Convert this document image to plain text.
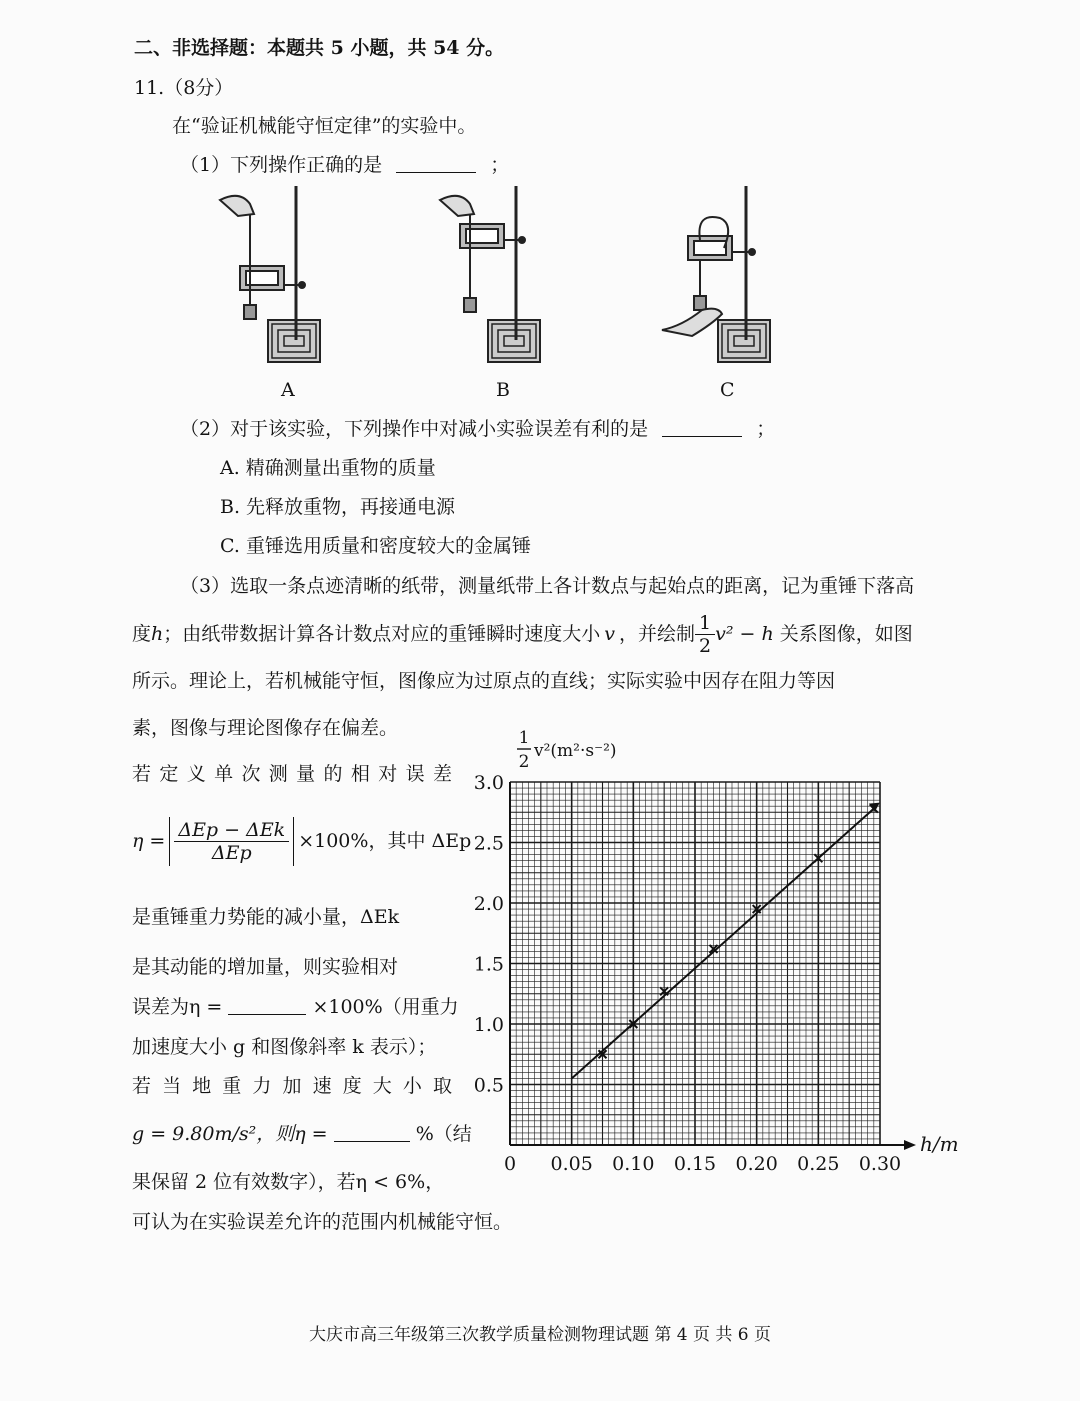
二、非选择题：本题共 5 小题，共 54 分。
11.（8分）
在“验证机械能守恒定律”的实验中。
（1）下列操作正确的是	；
A	B	C
（2）对于该实验，下列操作中对减小实验误差有利的是	；
A. 精确测量出重物的质量
B. 先释放重物，再接通电源
C. 重锤选用质量和密度较大的金属锤
（3）选取一条点迹清晰的纸带，测量纸带上各计数点与起始点的距离，记为重锤下落高
度 h ；由纸带数据计算各计数点对应的重锤瞬时速度大小 v ，并绘制 $\frac{1}{2} v^2 - h$ 关系图像，如图
所示。理论上，若机械能守恒，图像应为过原点的直线；实际实验中因存在阻力等因
素，图像与理论图像存在偏差。
若定义单次测量的相对误差
$\eta = \frac{\text{ΔEp − ΔEk}}{\text{ΔEp}} \times 100\%$，其中 ΔEp
是重锤重力势能的减小量，ΔEk
是其动能的增加量，则实验相对
误差为η =	×100%（用重力
加速度大小 g 和图像斜率 k 表示）；
若当地重力加速度大小取
g = 9.80m/s²，则η =	%（结
果保留 2 位有效数字），若η < 6%，
可认为在实验误差允许的范围内机械能守恒。
0.05 0.10 0.15 0.20 0.25 0.30
0.5
1.0
1.5
2.0
2.5
3.0
0
1
2
v²(m²·s⁻²)
h/m
大庆市高三年级第三次教学质量检测物理试题 第 4 页 共 6 页
